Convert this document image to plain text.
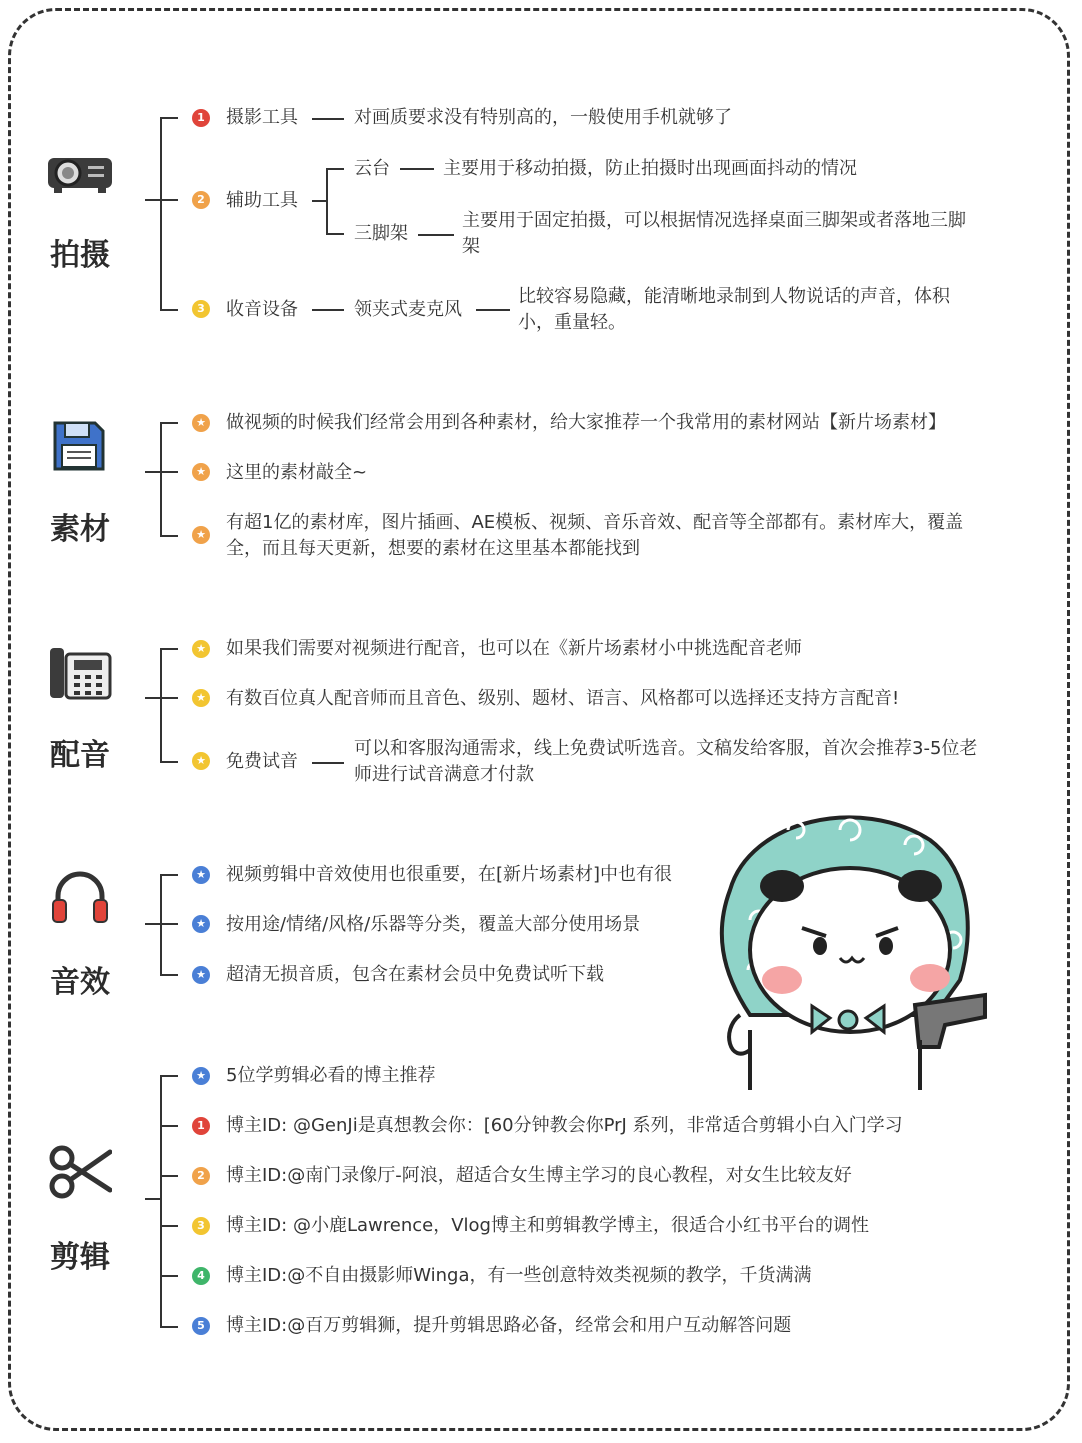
拍摄
1 摄影工具	对画质要求没有特别高的，一般使用手机就够了
2 辅助工具
云台	主要用于移动拍摄，防止拍摄时出现画面抖动的情况
三脚架
主要用于固定拍摄，可以根据情况选择桌面三脚架或者落地三脚架
3 收音设备	领夹式麦克风
比较容易隐藏，能清晰地录制到人物说话的声音，体积小，重量轻。
素材
★ 做视频的时候我们经常会用到各种素材，给大家推荐一个我常用的素材网站【新片场素材】
★ 这里的素材敲全~
★
有超1亿的素材库，图片插画、AE模板、视频、音乐音效、配音等全部都有。素材库大，覆盖全，而且每天更新，想要的素材在这里基本都能找到
配音
★ 如果我们需要对视频进行配音，也可以在《新片场素材小中挑选配音老师
★ 有数百位真人配音师而且音色、级别、题材、语言、风格都可以选择还支持方言配音!
★ 免费试音
可以和客服沟通需求，线上免费试听选音。文稿发给客服，首次会推荐3-5位老师进行试音满意才付款
音效
★ 视频剪辑中音效使用也很重要，在[新片场素材]中也有很
★ 按用途/情绪/风格/乐器等分类，覆盖大部分使用场景
★ 超清无损音质，包含在素材会员中免费试听下载
剪辑
★ 5位学剪辑必看的博主推荐
1 博主ID: @GenJi是真想教会你：[60分钟教会你PrJ 系列，非常适合剪辑小白入门学习
2 博主ID:@南门录像厅-阿浪，超适合女生博主学习的良心教程，对女生比较友好
3 博主ID: @小鹿Lawrence，Vlog博主和剪辑教学博主，很适合小红书平台的调性
4 博主ID:@不自由摄影师Winga，有一些创意特效类视频的教学，千货满满
5 博主ID:@百万剪辑狮，提升剪辑思路必备，经常会和用户互动解答问题
